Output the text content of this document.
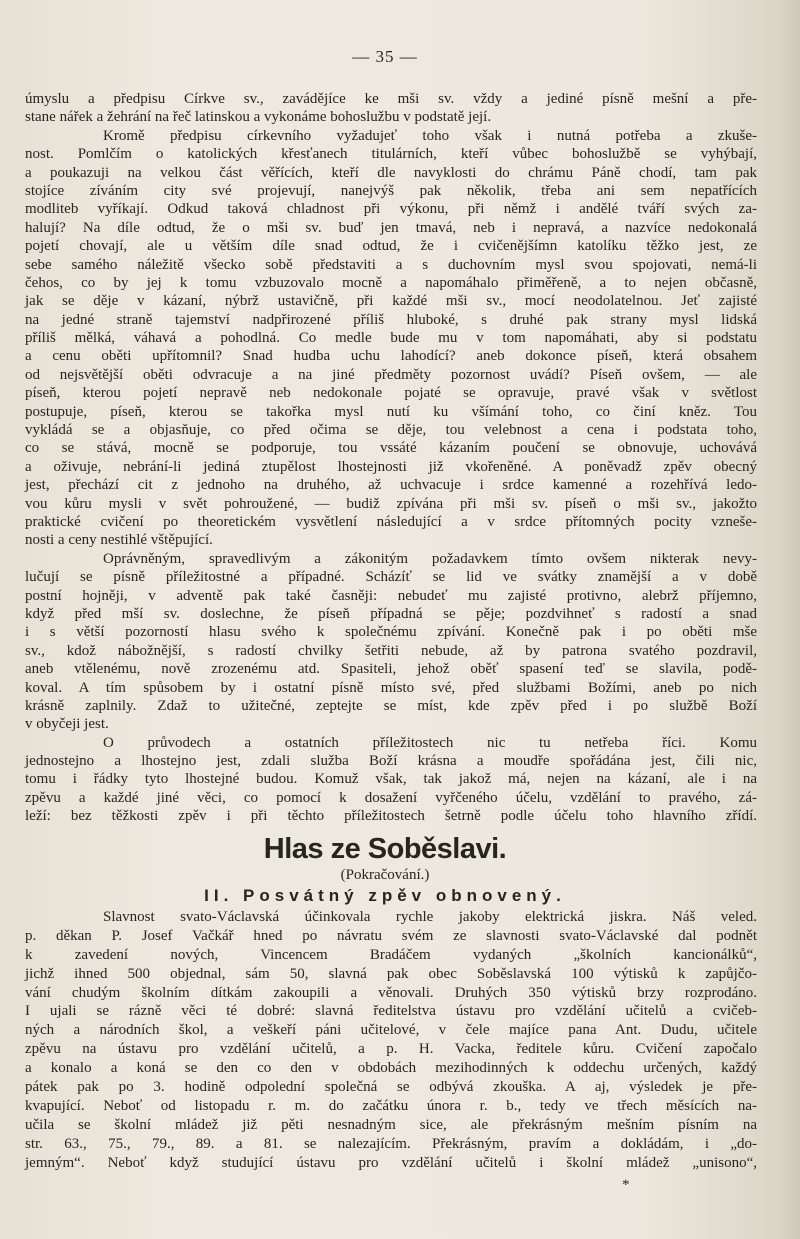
— 35 —
úmyslu a předpisu Církve sv., zavádějíce ke mši sv. vždy a jediné písně mešní a pře-
stane nářek a žehrání na řeč latinskou a vykonáme bohoslužbu v podstatě její.
Kromě předpisu církevního vyžadujeť toho však i nutná potřeba a zkuše-
nost. Pomlčím o katolických křesťanech titulárních, kteří vůbec bohoslužbě se vyhýbají,
a poukazuji na velkou část věřících, kteří dle navyklosti do chrámu Páně chodí, tam pak
stojíce zíváním city své projevují, nanejvýš pak několik, třeba ani sem nepatřících
modliteb vyříkají. Odkud taková chladnost při výkonu, při němž i andělé tváří svých za-
halují? Na díle odtud, že o mši sv. buď jen tmavá, neb i nepravá, a nazvíce nedokonalá
pojetí chovají, ale u větším díle snad odtud, že i cvičenějšímn katolíku těžko jest, ze
sebe samého náležitě všecko sobě představiti a s duchovním mysl svou spojovati, nemá-li
čehos, co by jej k tomu vzbuzovalo mocně a napomáhalo přiměřeně, a to nejen občasně,
jak se děje v kázaní, nýbrž ustavičně, při každé mši sv., mocí neodolatelnou. Jeť zajisté
na jedné straně tajemství nadpřirozené příliš hluboké, s druhé pak strany mysl lidská
příliš mělká, váhavá a pohodlná. Co medle bude mu v tom napomáhati, aby si podstatu
a cenu oběti upřítomnil? Snad hudba uchu lahodící? aneb dokonce píseň, která obsahem
od nejsvětější oběti odvracuje a na jiné předměty pozornost uvádí? Píseň ovšem, — ale
píseň, kterou pojetí nepravě neb nedokonale pojaté se opravuje, pravé však v světlost
postupuje, píseň, kterou se takořka mysl nutí ku všímání toho, co činí kněz. Tou
vykládá se a objasňuje, co před očima se děje, tou velebnost a cena i podstata toho,
co se stává, mocně se podporuje, tou vssáté kázaním poučení se obnovuje, uchovává
a oživuje, nebrání-li jediná ztupělost lhostejnosti již vkořeněné. A poněvadž zpěv obecný
jest, přechází cit z jednoho na druhého, až uchvacuje i srdce kamenné a rozehřívá ledo-
vou kůru mysli v svět pohroužené, — budiž zpívána při mši sv. píseň o mši sv., jakožto
praktické cvičení po theoretickém vysvětlení následující a v srdce přítomných pocity vzneše-
nosti a ceny nestihlé vštěpující.
Oprávněným, spravedlivým a zákonitým požadavkem tímto ovšem nikterak nevy-
lučují se písně příležitostné a případné. Scházíť se lid ve svátky znamější a v době
postní hojněji, v adventě pak také časněji: nebudeť mu zajisté protivno, alebrž příjemno,
když před mší sv. doslechne, že píseň případná se pěje; pozdvihneť s radostí a snad
i s větší pozorností hlasu svého k společnému zpívání. Konečně pak i po oběti mše
sv., kdož nábožnější, s radostí chvilky šetřiti nebude, až by patrona svatého pozdravil,
aneb vtělenému, nově zrozenému atd. Spasiteli, jehož oběť spasení teď se slavila, podě-
koval. A tím spůsobem by i ostatní písně místo své, před službami Božími, aneb po nich
krásně zaplnily. Zdaž to užitečné, zeptejte se míst, kde zpěv před i po službě Boží
v obyčeji jest.
O průvodech a ostatních příležitostech nic tu netřeba říci. Komu
jednostejno a lhostejno jest, zdali služba Boží krásna a moudře spořádána jest, čili nic,
tomu i řádky tyto lhostejné budou. Komuž však, tak jakož má, nejen na kázaní, ale i na
zpěvu a každé jiné věci, co pomocí k dosažení vyřčeného účelu, vzdělání to pravého, zá-
leží: bez těžkosti zpěv i při těchto příležitostech šetrně podle účelu toho hlavního zřídí.
Hlas ze Soběslavi.
(Pokračování.)
II. Posvátný zpěv obnovený.
Slavnost svato-Václavská účinkovala rychle jakoby elektrická jiskra. Náš veled.
p. děkan P. Josef Vačkář hned po návratu svém ze slavnosti svato-Václavské dal podnět
k zavedení nových, Vincencem Bradáčem vydaných „školních kancionálků“,
jichž ihned 500 objednal, sám 50, slavná pak obec Soběslavská 100 výtisků k zapůjčo-
vání chudým školním dítkám zakoupili a věnovali. Druhých 350 výtisků brzy rozprodáno.
I ujali se rázně věci té dobré: slavná ředitelstva ústavu pro vzdělání učitelů a cvičeb-
ných a národních škol, a veškeří páni učitelové, v čele majíce pana Ant. Dudu, učitele
zpěvu na ústavu pro vzdělání učitelů, a p. H. Vacka, ředitele kůru. Cvičení započalo
a konalo a koná se den co den v obdobách mezihodinných k oddechu určených, každý
pátek pak po 3. hodině odpolední společná se odbývá zkouška. A aj, výsledek je pře-
kvapující. Neboť od listopadu r. m. do začátku února r. b., tedy ve třech měsících na-
učila se školní mládež již pěti nesnadným sice, ale překrásným mešním písním na
str. 63., 75., 79., 89. a 81. se nalezajícím. Překrásným, pravím a dokládám, i „do-
jemným“. Neboť když studující ústavu pro vzdělání učitelů i školní mládež „unisono“,
*
